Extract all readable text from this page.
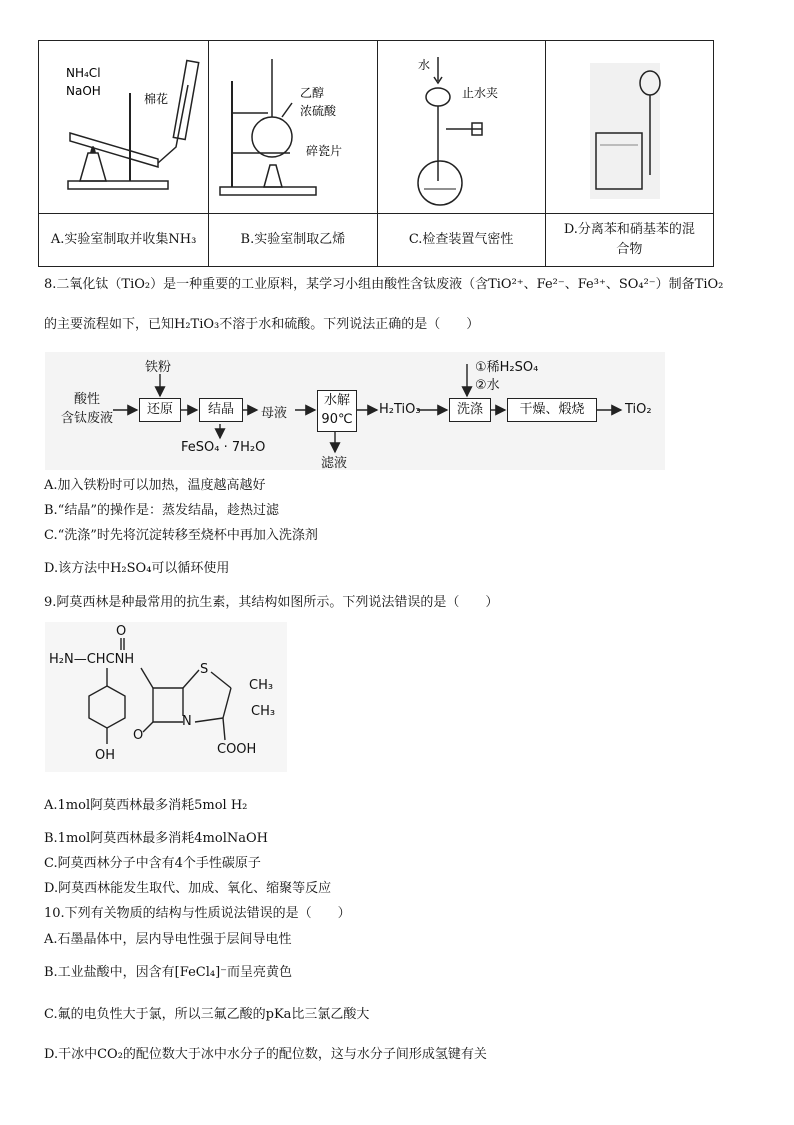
NH₄Cl
NaOH
棉花	乙醇
浓硫酸
碎瓷片	水
止水夹

A.实验室制取并收集NH₃	B.实验室制取乙烯	C.检查装置气密性	D.分离苯和硝基苯的混
合物
8.二氧化钛（TiO₂）是一种重要的工业原料，某学习小组由酸性含钛废液（含TiO²⁺、Fe²⁻、Fe³⁺、SO₄²⁻）制备TiO₂
的主要流程如下，已知H₂TiO₃不溶于水和硫酸。下列说法正确的是（　　）
酸性
含钛废液
铁粉
还原	结晶
FeSO₄ · 7H₂O
母液
水解
90℃
滤液
H₂TiO₃
①稀H₂SO₄
②水
洗涤	干燥、煅烧	TiO₂
A.加入铁粉时可以加热，温度越高越好
B.“结晶”的操作是：蒸发结晶，趁热过滤
C.“洗涤”时先将沉淀转移至烧杯中再加入洗涤剂
D.该方法中H₂SO₄可以循环使用
9.阿莫西林是种最常用的抗生素，其结构如图所示。下列说法错误的是（　　）
O
H₂N—CHCNH
S
CH₃
CH₃
N
O
COOH
OH
A.1mol阿莫西林最多消耗5mol H₂
B.1mol阿莫西林最多消耗4molNaOH
C.阿莫西林分子中含有4个手性碳原子
D.阿莫西林能发生取代、加成、氧化、缩聚等反应
10.下列有关物质的结构与性质说法错误的是（　　）
A.石墨晶体中，层内导电性强于层间导电性
B.工业盐酸中，因含有[FeCl₄]⁻而呈亮黄色
C.氟的电负性大于氯，所以三氟乙酸的pKa比三氯乙酸大
D.干冰中CO₂的配位数大于冰中水分子的配位数，这与水分子间形成氢键有关
